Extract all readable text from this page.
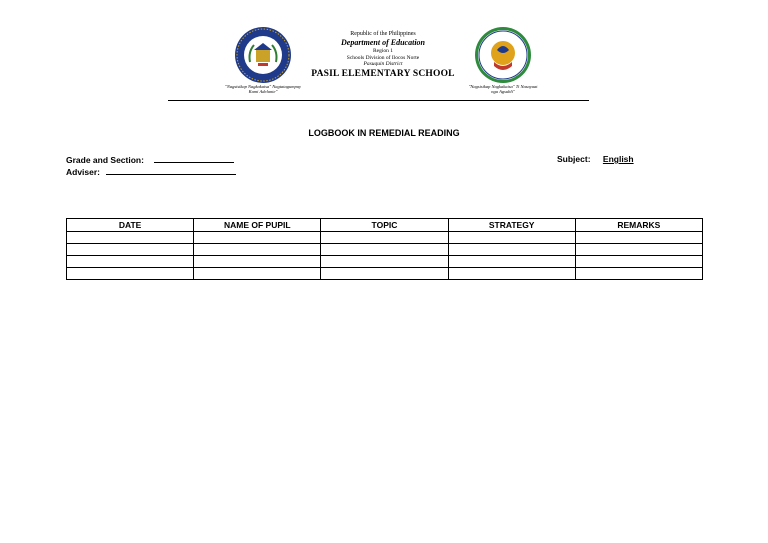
"Nagsisikap Nagkakaisa" Nagtatagumpay Kami Adelante"
Republic of the Philippines
Department of Education
Region 1
Schools Division of Ilocos Norte
Pasuquin District
PASIL ELEMENTARY SCHOOL
"Nagsisikap Nagkakaisa" Ti Nasayaat nga Agsubli"
LOGBOOK IN REMEDIAL READING
Grade and Section:
Adviser:
Subject: English
DATE	NAME OF PUPIL	TOPIC	STRATEGY	REMARKS
